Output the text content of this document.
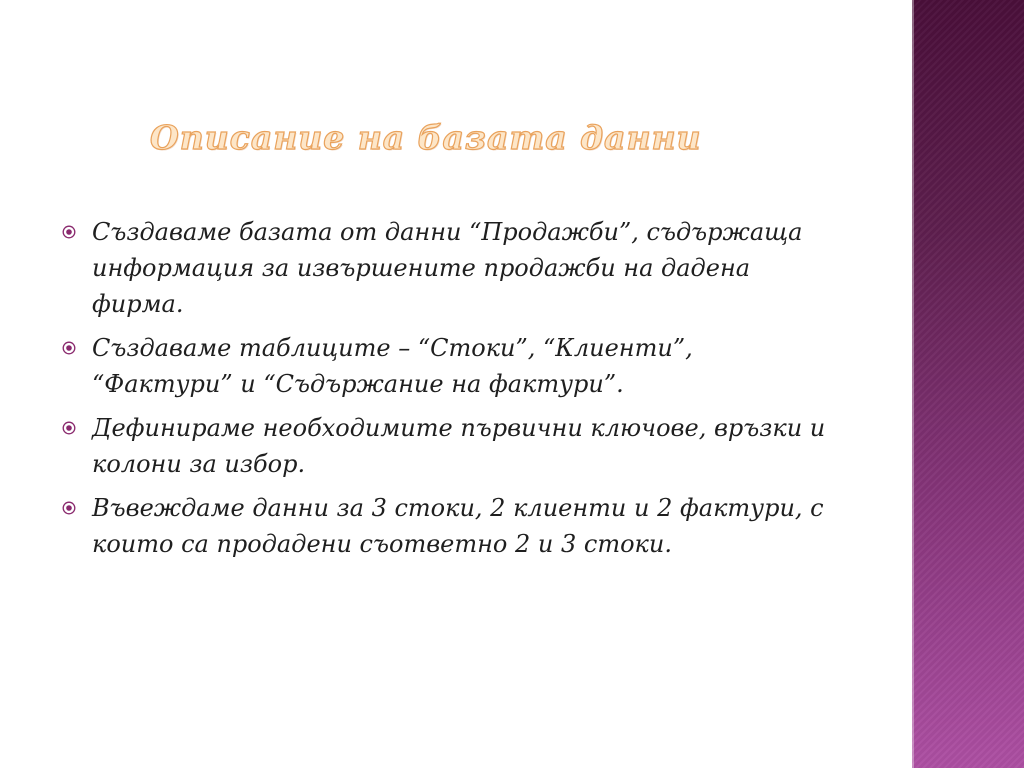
Описание на базата данни
Създаваме базата от данни “Продажби”, съдържаща информация за извършените продажби на дадена фирма.
Създаваме таблиците – “Стоки”, “Клиенти”, “Фактури” и “Съдържание на фактури”.
Дефинираме необходимите първични ключове, връзки и колони за избор.
Въвеждаме данни за 3 стоки, 2 клиенти и 2 фактури, с които са продадени съответно 2 и 3 стоки.
